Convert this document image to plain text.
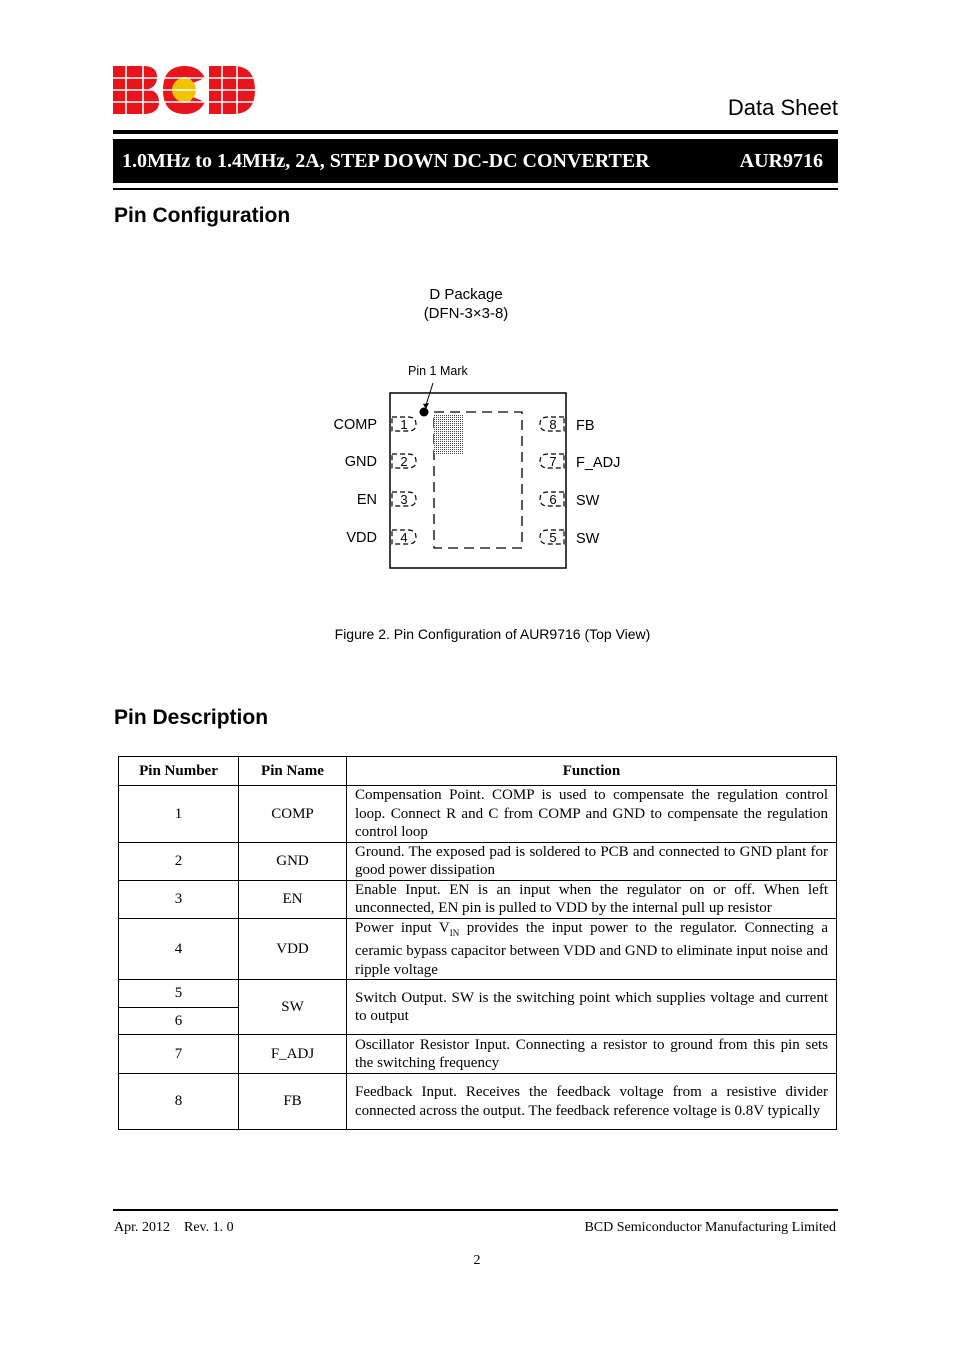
Data Sheet
1.0MHz to 1.4MHz, 2A, STEP DOWN DC-DC CONVERTER	AUR9716
Pin Configuration
D Package
(DFN-3×3-8)
Pin 1 Mark
COMP 1
GND 2
EN 3
VDD 4
8 FB
7 F_ADJ
6 SW
5 SW
Figure 2. Pin Configuration of AUR9716 (Top View)
Pin Description
Pin Number	Pin Name	Function
1	COMP	Compensation Point. COMP is used to compensate the regulation control loop. Connect R and C from COMP and GND to compensate the regulation control loop
2	GND	Ground. The exposed pad is soldered to PCB and connected to GND plant for good power dissipation
3	EN	Enable Input. EN is an input when the regulator on or off. When left unconnected, EN pin is pulled to VDD by the internal pull up resistor
4	VDD	Power input $V_{IN}$ provides the input power to the regulator. Connecting a ceramic bypass capacitor between VDD and GND to eliminate input noise and ripple voltage
5	SW	Switch Output. SW is the switching point which supplies voltage and current to output
6		
7	F_ADJ	Oscillator Resistor Input. Connecting a resistor to ground from this pin sets the switching frequency
8	FB	Feedback Input. Receives the feedback voltage from a resistive divider connected across the output. The feedback reference voltage is 0.8V typically
Apr. 2012    Rev. 1. 0	BCD Semiconductor Manufacturing Limited
2
